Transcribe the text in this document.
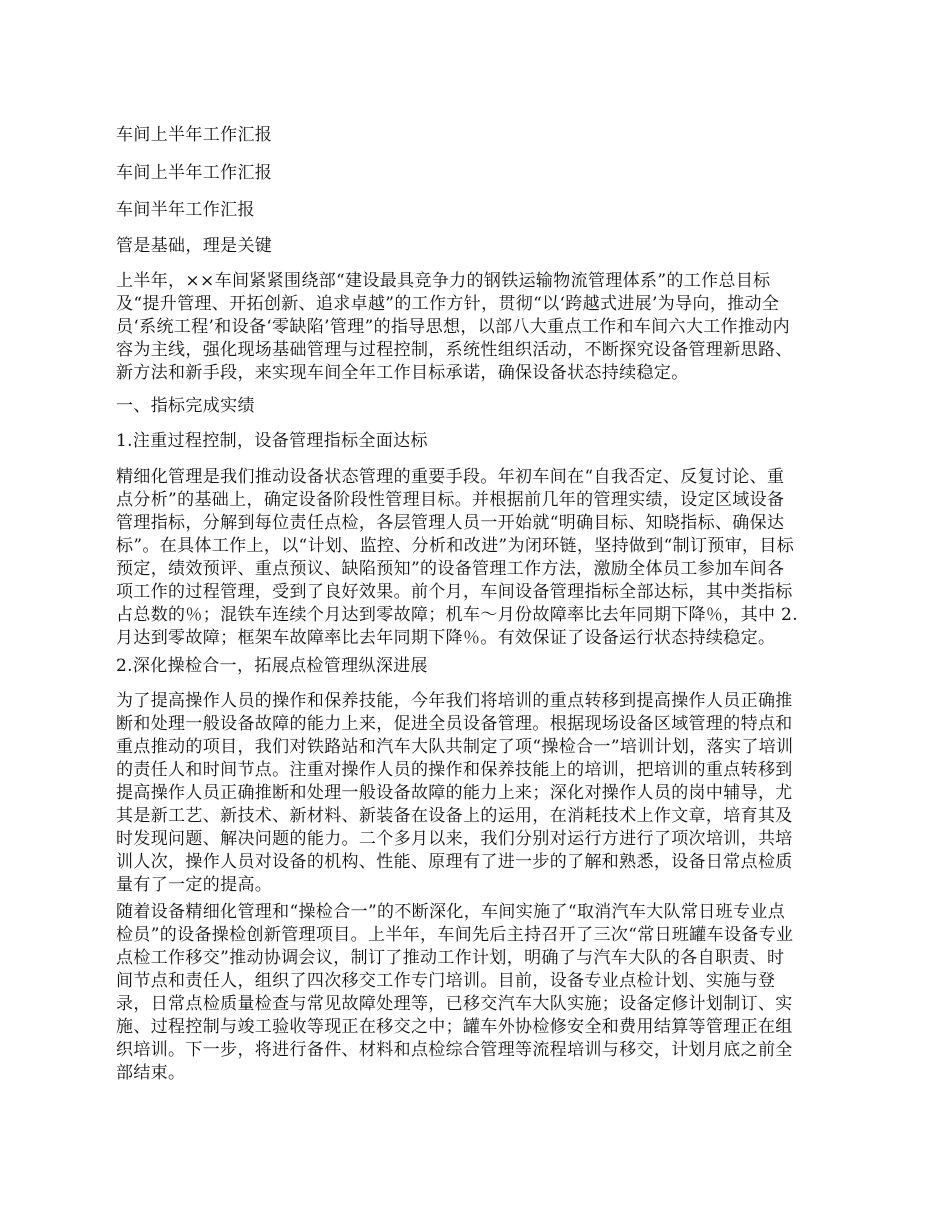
车间上半年工作汇报
车间上半年工作汇报
车间半年工作汇报
管是基础，理是关键
上半年，××车间紧紧围绕部“建设最具竞争力的钢铁运输物流管理体系”的工作总目标
及“提升管理、开拓创新、追求卓越”的工作方针，贯彻“以‘跨越式进展’为导向，推动全
员‘系统工程’和设备‘零缺陷’管理”的指导思想，以部八大重点工作和车间六大工作推动内
容为主线，强化现场基础管理与过程控制，系统性组织活动，不断探究设备管理新思路、
新方法和新手段，来实现车间全年工作目标承诺，确保设备状态持续稳定。
一、指标完成实绩
1.注重过程控制，设备管理指标全面达标
精细化管理是我们推动设备状态管理的重要手段。年初车间在“自我否定、反复讨论、重
点分析”的基础上，确定设备阶段性管理目标。并根据前几年的管理实绩，设定区域设备
管理指标，分解到每位责任点检，各层管理人员一开始就“明确目标、知晓指标、确保达
标”。在具体工作上，以“计划、监控、分析和改进”为闭环链，坚持做到“制订预审，目标
预定，绩效预评、重点预议、缺陷预知”的设备管理工作方法，激励全体员工参加车间各
项工作的过程管理，受到了良好效果。前个月，车间设备管理指标全部达标，其中类指标
占总数的％；混铁车连续个月达到零故障；机车～月份故障率比去年同期下降％，其中 2.
月达到零故障；框架车故障率比去年同期下降％。有效保证了设备运行状态持续稳定。
2.深化操检合一，拓展点检管理纵深进展
为了提高操作人员的操作和保养技能，今年我们将培训的重点转移到提高操作人员正确推
断和处理一般设备故障的能力上来，促进全员设备管理。根据现场设备区域管理的特点和
重点推动的项目，我们对铁路站和汽车大队共制定了项“操检合一”培训计划，落实了培训
的责任人和时间节点。注重对操作人员的操作和保养技能上的培训，把培训的重点转移到
提高操作人员正确推断和处理一般设备故障的能力上来；深化对操作人员的岗中辅导，尤
其是新工艺、新技术、新材料、新装备在设备上的运用，在消耗技术上作文章，培育其及
时发现问题、解决问题的能力。二个多月以来，我们分别对运行方进行了项次培训，共培
训人次，操作人员对设备的机构、性能、原理有了进一步的了解和熟悉，设备日常点检质
量有了一定的提高。
随着设备精细化管理和“操检合一”的不断深化，车间实施了“取消汽车大队常日班专业点
检员”的设备操检创新管理项目。上半年，车间先后主持召开了三次“常日班罐车设备专业
点检工作移交”推动协调会议，制订了推动工作计划，明确了与汽车大队的各自职责、时
间节点和责任人，组织了四次移交工作专门培训。目前，设备专业点检计划、实施与登
录，日常点检质量检查与常见故障处理等，已移交汽车大队实施；设备定修计划制订、实
施、过程控制与竣工验收等现正在移交之中；罐车外协检修安全和费用结算等管理正在组
织培训。下一步，将进行备件、材料和点检综合管理等流程培训与移交，计划月底之前全
部结束。
